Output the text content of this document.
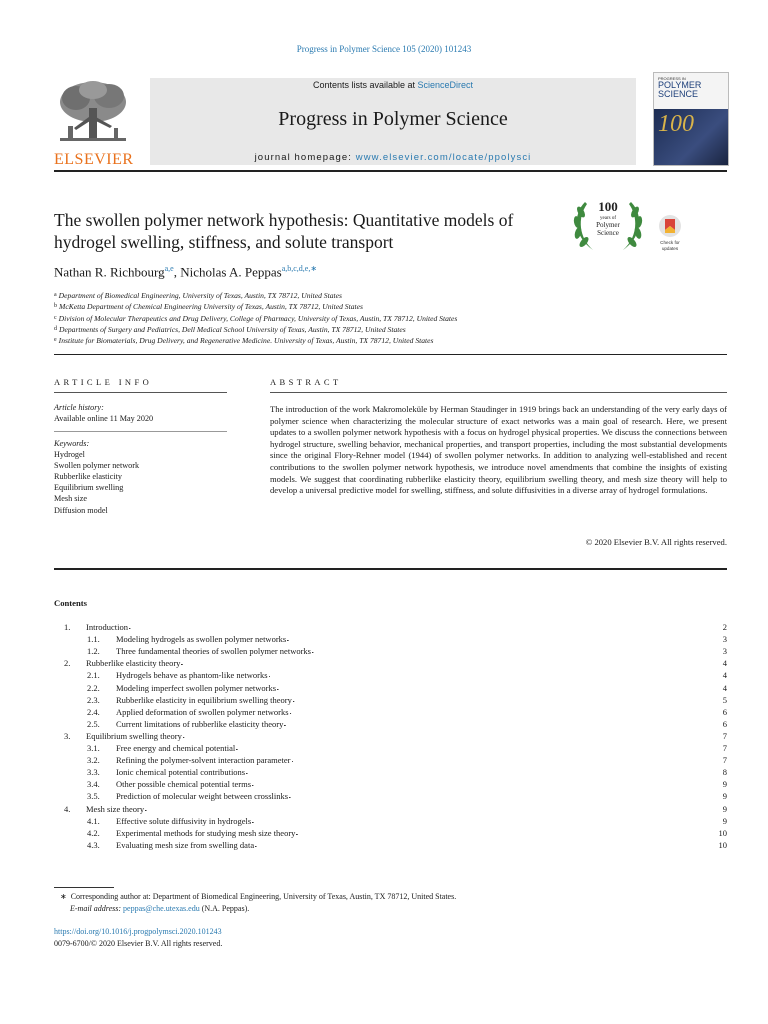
Progress in Polymer Science 105 (2020) 101243
ELSEVIER
Contents lists available at ScienceDirect
Progress in Polymer Science
journal homepage: www.elsevier.com/locate/ppolysci
PROGRESS IN
POLYMER SCIENCE
100
The swollen polymer network hypothesis: Quantitative models of hydrogel swelling, stiffness, and solute transport
100
years of
Polymer
Science
Check for
updates
Nathan R. Richbourg$^{a,e}$, Nicholas A. Peppas$^{a,b,c,d,e,∗}$
$^a$ Department of Biomedical Engineering, University of Texas, Austin, TX 78712, United States
$^b$ McKetta Department of Chemical Engineering University of Texas, Austin, TX 78712, United States
$^c$ Division of Molecular Therapeutics and Drug Delivery, College of Pharmacy, University of Texas, Austin, TX 78712, United States
$^d$ Departments of Surgery and Pediatrics, Dell Medical School University of Texas, Austin, TX 78712, United States
$^e$ Institute for Biomaterials, Drug Delivery, and Regenerative Medicine. University of Texas, Austin, TX 78712, United States
ARTICLE INFO	ABSTRACT
Article history:
Available online 11 May 2020
Keywords:
Hydrogel
Swollen polymer network
Rubberlike elasticity
Equilibrium swelling
Mesh size
Diffusion model
The introduction of the work Makromoleküle by Herman Staudinger in 1919 brings back an understanding of the very early days of polymer science when characterizing the molecular structure of exact networks was a main goal of research. Here, we present updates to a swollen polymer network hypothesis with a focus on hydrogel physical properties. We discuss the connections between hydrogel structure, swelling behavior, mechanical properties, and transport properties, including the most substantial developments since the original Flory-Rehner model (1944) of swollen polymer networks. In addition to analyzing well-established and recent contributions to the swollen polymer network hypothesis, we introduce novel amendments that combine the insights of existing models. We suggest that coordinating rubberlike elasticity theory, equilibrium swelling theory, and mesh size theory will help to develop a universal predictive model for swelling, stiffness, and solute diffusivities in a diverse array of hydrogel formulations.
© 2020 Elsevier B.V. All rights reserved.
Contents
1.	Introduction . . .	2
1.1.	Modeling hydrogels as swollen polymer networks . . .	3
1.2.	Three fundamental theories of swollen polymer networks . . .	3
2.	Rubberlike elasticity theory . . .	4
2.1.	Hydrogels behave as phantom-like networks . . .	4
2.2.	Modeling imperfect swollen polymer networks . . .	4
2.3.	Rubberlike elasticity in equilibrium swelling theory . . .	5
2.4.	Applied deformation of swollen polymer networks . . .	6
2.5.	Current limitations of rubberlike elasticity theory . . .	6
3.	Equilibrium swelling theory . . .	7
3.1.	Free energy and chemical potential . . .	7
3.2.	Refining the polymer-solvent interaction parameter . . .	7
3.3.	Ionic chemical potential contributions . . .	8
3.4.	Other possible chemical potential terms . . .	9
3.5.	Prediction of molecular weight between crosslinks . . .	9
4.	Mesh size theory . . .	9
4.1.	Effective solute diffusivity in hydrogels . . .	9
4.2.	Experimental methods for studying mesh size theory . . .	10
4.3.	Evaluating mesh size from swelling data . . .	10
∗ Corresponding author at: Department of Biomedical Engineering, University of Texas, Austin, TX 78712, United States.
E-mail address: peppas@che.utexas.edu (N.A. Peppas).
https://doi.org/10.1016/j.progpolymsci.2020.101243
0079-6700/© 2020 Elsevier B.V. All rights reserved.
